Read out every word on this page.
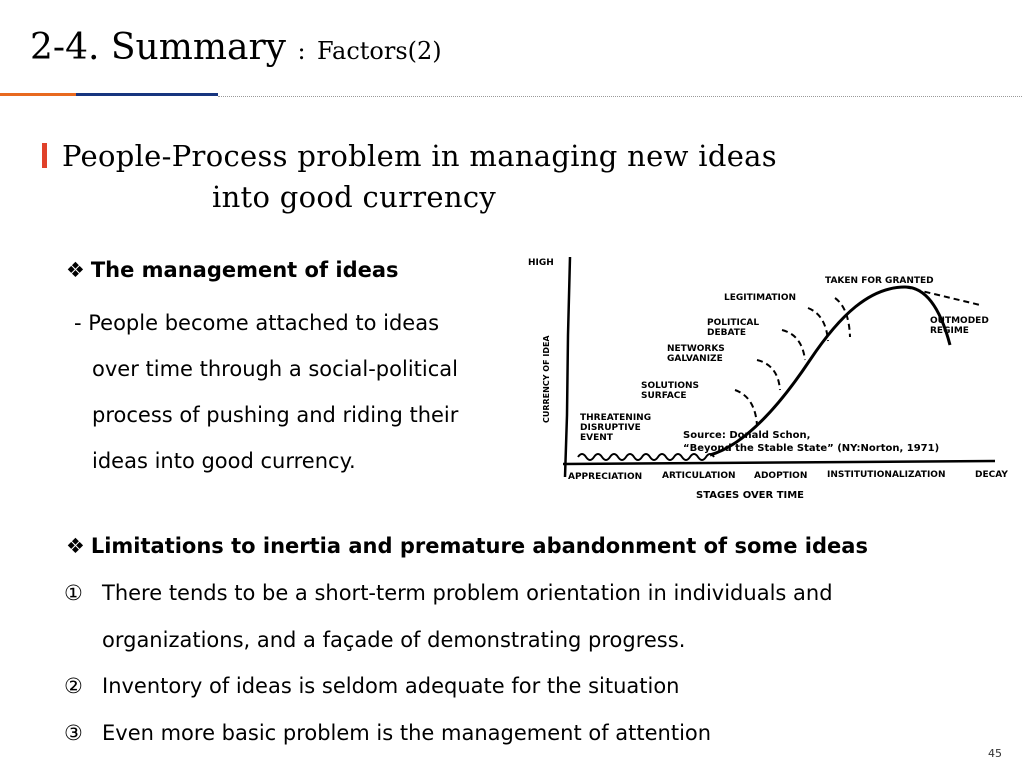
2-4. Summary : Factors(2)
People-Process problem in managing new ideas
into good currency
❖ The management of ideas
- People become attached to ideas
over time through a social-political
process of pushing and riding their
ideas into good currency.
HIGH
CURRENCY OF IDEA
APPRECIATION ARTICULATION ADOPTION INSTITUTIONALIZATION	DECAY
STAGES OVER TIME
THREATENING DISRUPTIVE EVENT
SOLUTIONS SURFACE
NETWORKS GALVANIZE
POLITICAL DEBATE
LEGITIMATION
TAKEN FOR GRANTED
OUTMODED REGIME
Source: Donald Schon, “Beyond the Stable State” (NY:Norton, 1971)
❖ Limitations to inertia and premature abandonment of some ideas
① There tends to be a short-term problem orientation in individuals and
organizations, and a façade of demonstrating progress.
② Inventory of ideas is seldom adequate for the situation
③ Even more basic problem is the management of attention
45
